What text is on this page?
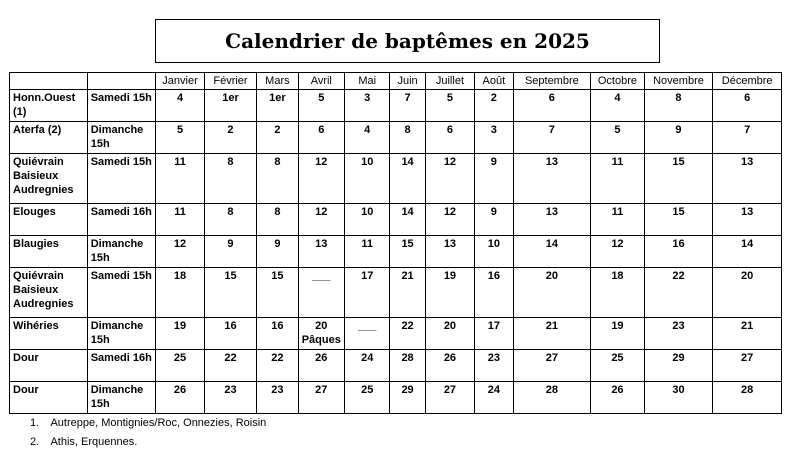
Calendrier de baptêmes en 2025
		Janvier	Février	Mars	Avril	Mai	Juin	Juillet	Août	Septembre	Octobre	Novembre	Décembre
Honn.Ouest (1)	Samedi 15h	4	1er	1er	5	3	7	5	2	6	4	8	6
Aterfa (2)	Dimanche 15h	5	2	2	6	4	8	6	3	7	5	9	7
Quiévrain Baisieux Audregnies	Samedi 15h	11	8	8	12	10	14	12	9	13	11	15	13
Elouges	Samedi 16h	11	8	8	12	10	14	12	9	13	11	15	13
Blaugies	Dimanche 15h	12	9	9	13	11	15	13	10	14	12	16	14
Quiévrain Baisieux Audregnies	Samedi 15h	18	15	15	___	17	21	19	16	20	18	22	20
Wihéries	Dimanche 15h	19	16	16	20 Pâques	___	22	20	17	21	19	23	21
Dour	Samedi 16h	25	22	22	26	24	28	26	23	27	25	29	27
Dour	Dimanche 15h	26	23	23	27	25	29	27	24	28	26	30	28
1. Autreppe, Montignies/Roc, Onnezies, Roisin
2. Athis, Erquennes.
